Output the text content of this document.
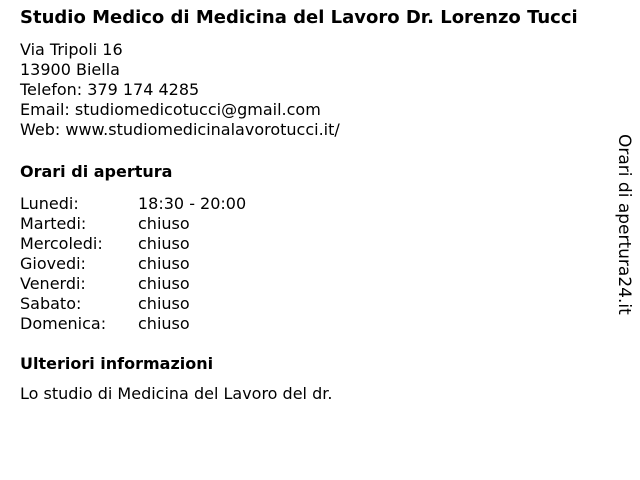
Studio Medico di Medicina del Lavoro Dr. Lorenzo Tucci
Via Tripoli 16
13900 Biella
Telefon: 379 174 4285
Email: studiomedicotucci@gmail.com
Web: www.studiomedicinalavorotucci.it/
Orari di apertura
Lunedi:	18:30 - 20:00
Martedi:	chiuso
Mercoledi:	chiuso
Giovedi:	chiuso
Venerdi:	chiuso
Sabato:	chiuso
Domenica:	chiuso
Ulteriori informazioni
Lo studio di Medicina del Lavoro del dr.
Orari di apertura24.it
